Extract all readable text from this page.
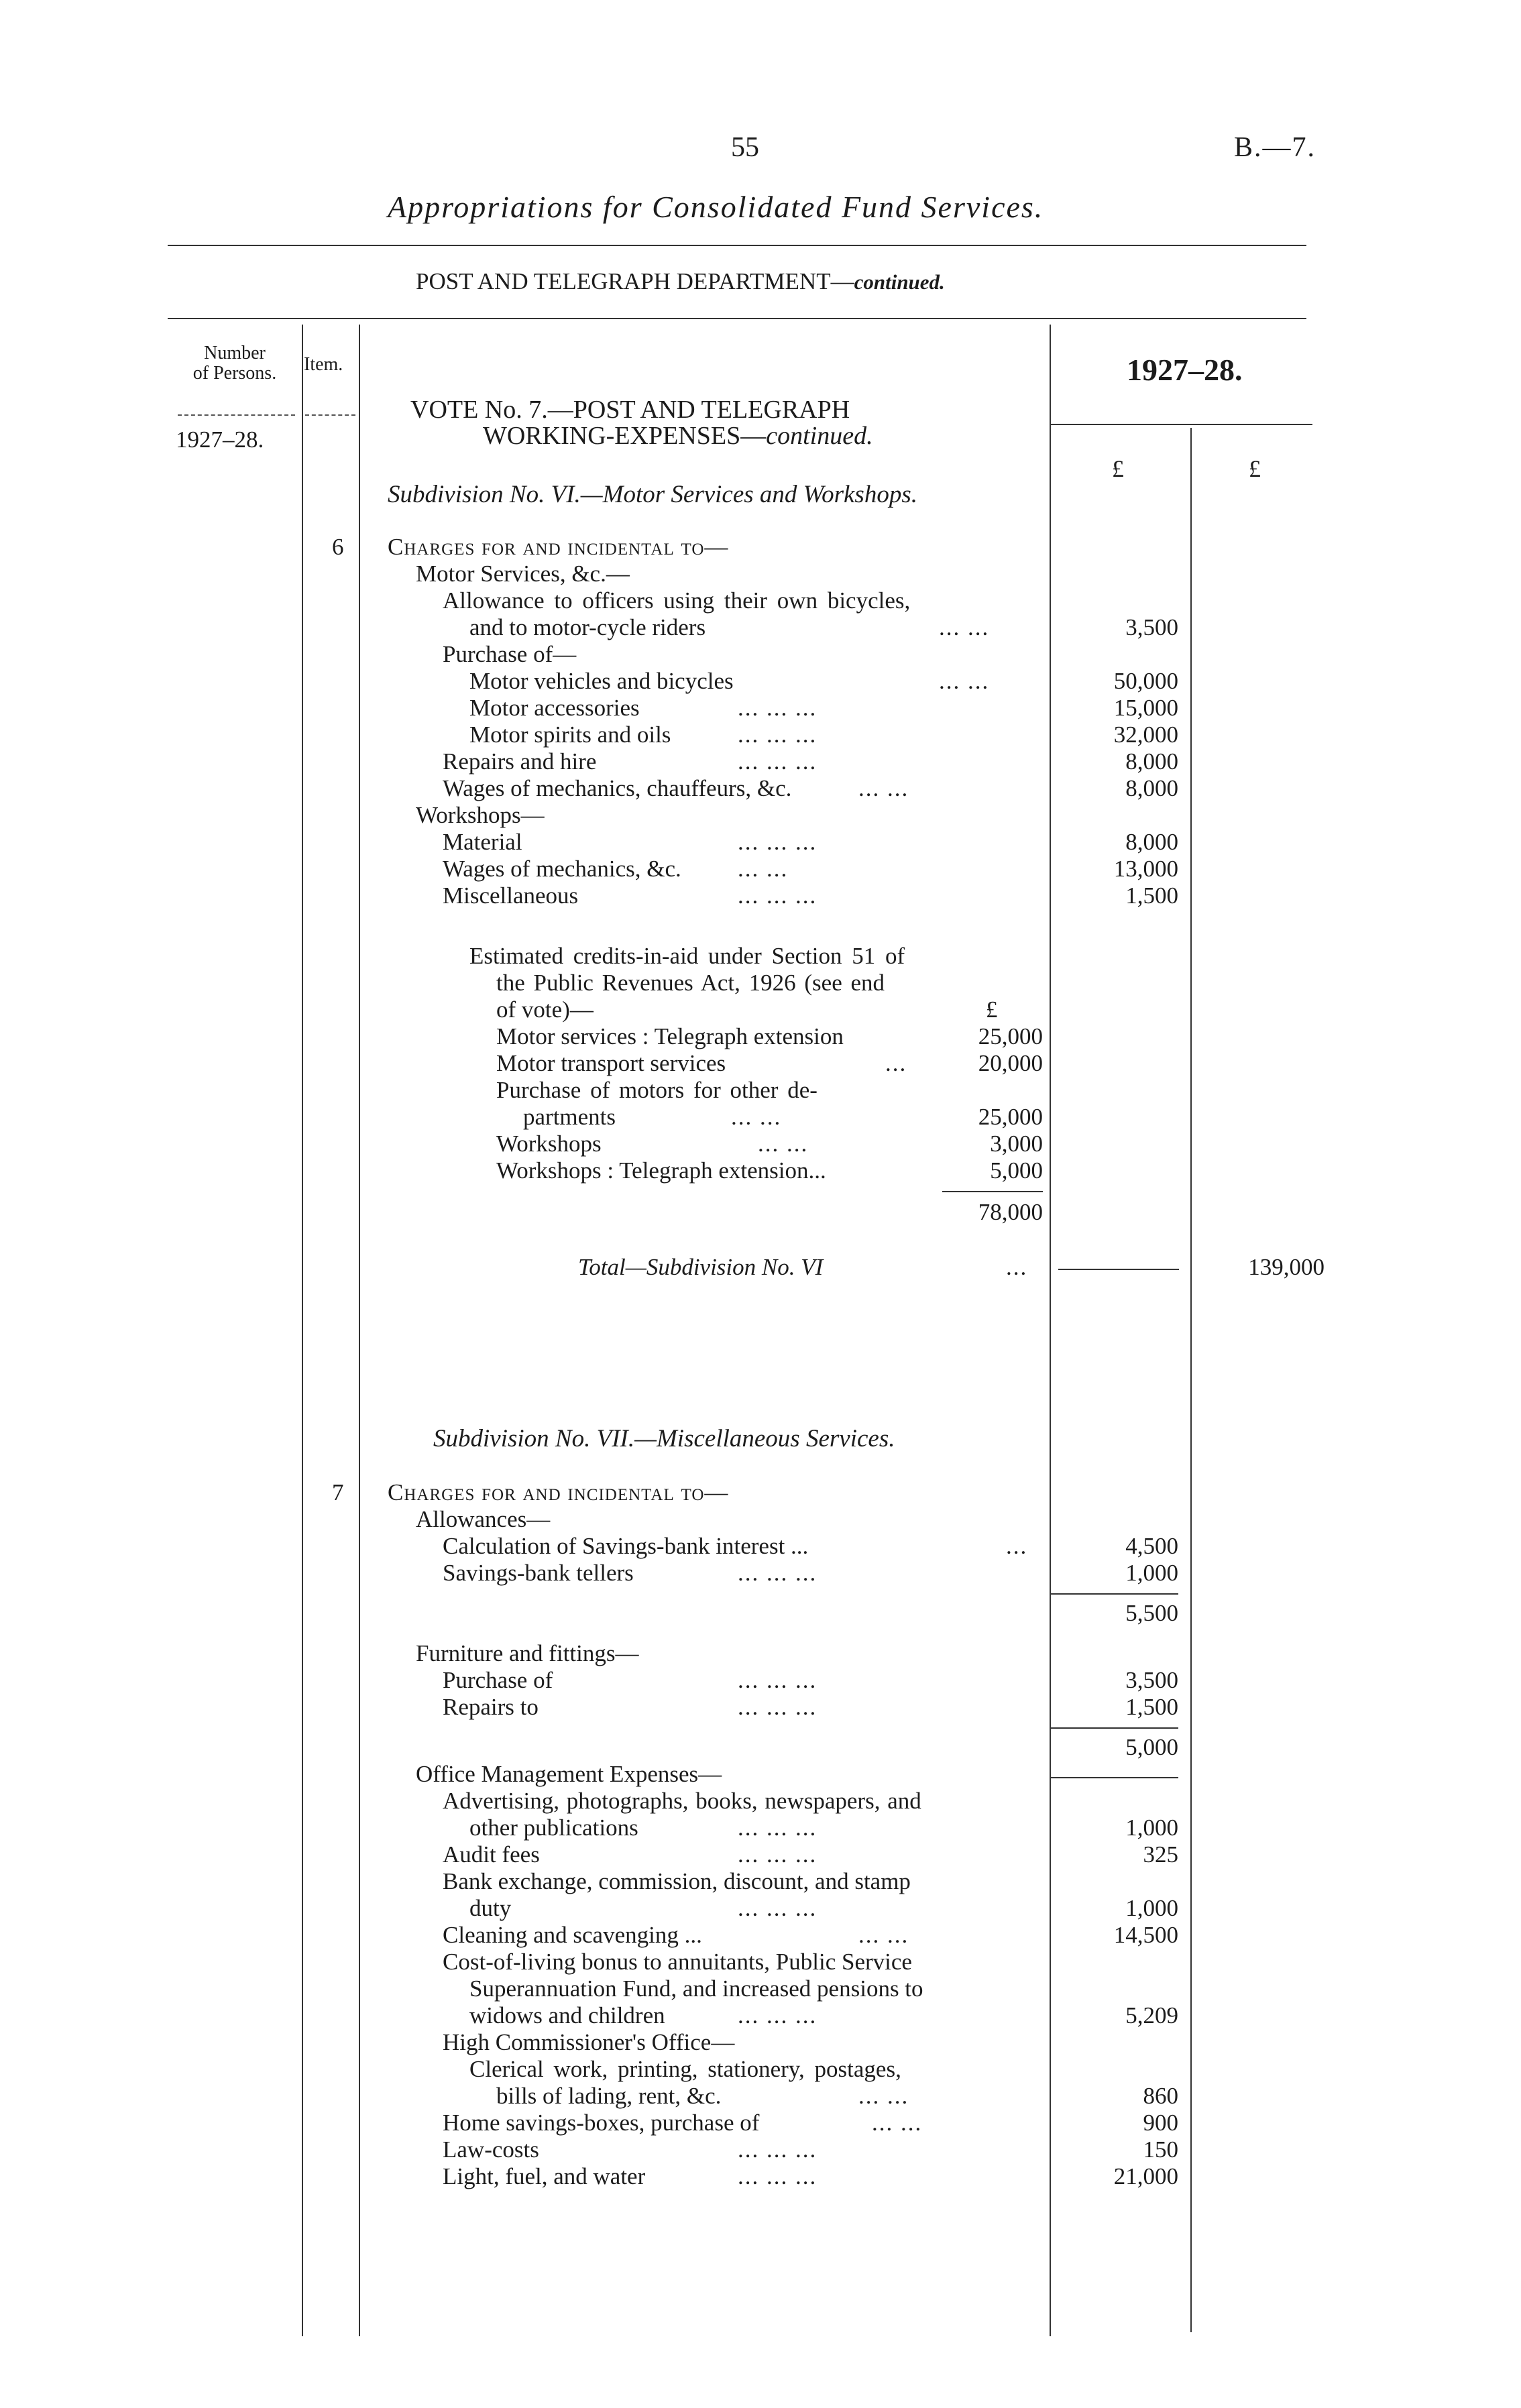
55	B.—7.
Appropriations for Consolidated Fund Services.
POST AND TELEGRAPH DEPARTMENT—continued.
Number
of Persons.	Item.
1927–28.
1927–28.
£	£
VOTE No. 7.—POST AND TELEGRAPH
WORKING-EXPENSES—continued.
Subdivision No. VI.—Motor Services and Workshops.
6 Charges for and incidental to—
Motor Services, &c.—
Allowance to officers using their own bicycles,
and to motor-cycle riders	... ...	3,500
Purchase of—
Motor vehicles and bicycles	... ...	50,000
Motor accessories	... ... ...	15,000
Motor spirits and oils	... ... ...	32,000
Repairs and hire	... ... ...	8,000
Wages of mechanics, chauffeurs, &c.	... ...	8,000
Workshops—
Material	... ... ...	8,000
Wages of mechanics, &c. ... ...	13,000
Miscellaneous	... ... ...	1,500
Estimated credits-in-aid under Section 51 of
the Public Revenues Act, 1926 (see end
of vote)—	£
Motor services : Telegraph extension	25,000
Motor transport services	...	20,000
Purchase of motors for other de-
partments	... ...	25,000
Workshops	... ...	3,000
Workshops : Telegraph extension...	5,000
78,000
Total—Subdivision No. VI	...	139,000
Subdivision No. VII.—Miscellaneous Services.
7 Charges for and incidental to—
Allowances—
Calculation of Savings-bank interest ...	...	4,500
Savings-bank tellers	... ... ...	1,000
5,500
Furniture and fittings—
Purchase of	... ... ...	3,500
Repairs to	... ... ...	1,500
5,000
Office Management Expenses—
Advertising, photographs, books, newspapers, and
other publications	... ... ...	1,000
Audit fees	... ... ...	325
Bank exchange, commission, discount, and stamp
duty	... ... ...	1,000
Cleaning and scavenging ...	... ...	14,500
Cost-of-living bonus to annuitants, Public Service
Superannuation Fund, and increased pensions to
widows and children	... ... ...	5,209
High Commissioner's Office—
Clerical work, printing, stationery, postages,
bills of lading, rent, &c.	... ...	860
Home savings-boxes, purchase of	... ...	900
Law-costs	... ... ...	150
Light, fuel, and water	... ... ...	21,000
